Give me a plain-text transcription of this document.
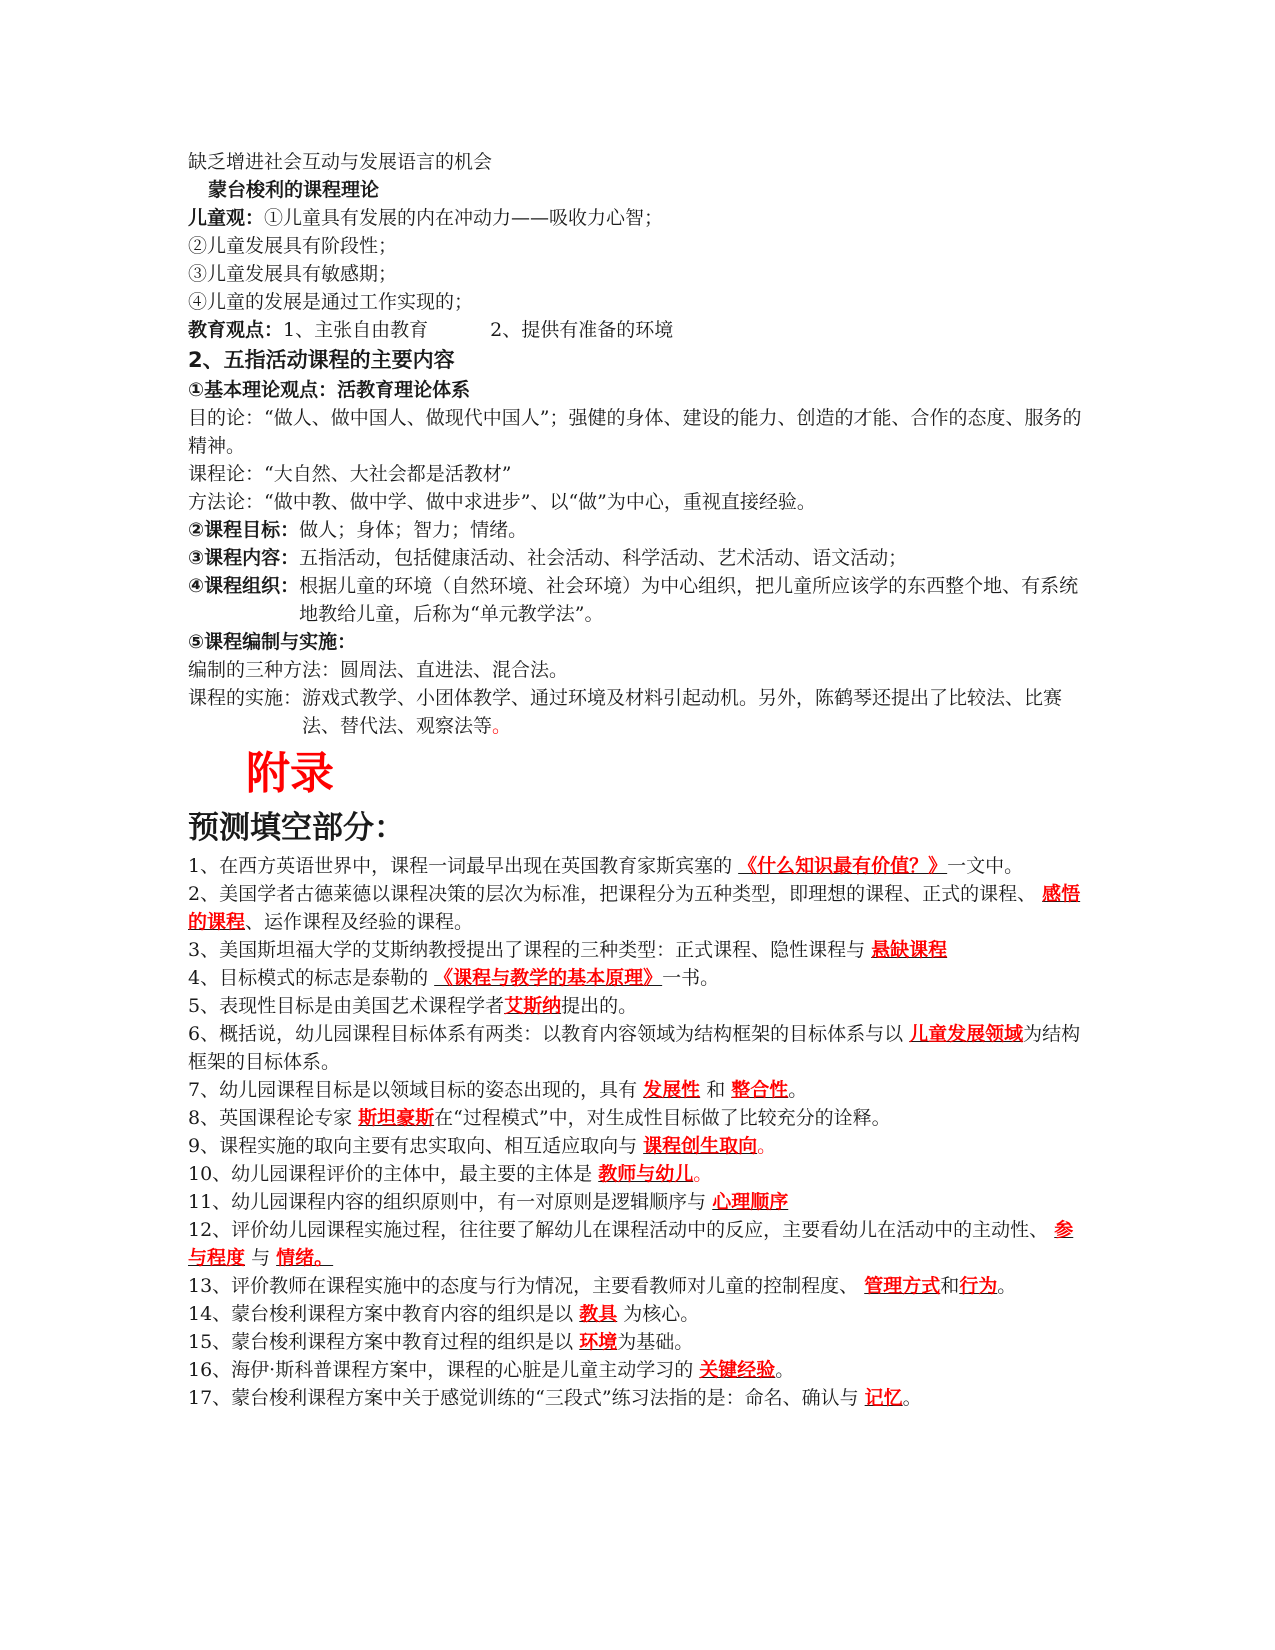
缺乏增进社会互动与发展语言的机会
蒙台梭利的课程理论
儿童观：①儿童具有发展的内在冲动力——吸收力心智；
②儿童发展具有阶段性；
③儿童发展具有敏感期；
④儿童的发展是通过工作实现的；
教育观点：1、主张自由教育	2、提供有准备的环境
2、五指活动课程的主要内容
①基本理论观点：活教育理论体系
目的论：“做人、做中国人、做现代中国人”；强健的身体、建设的能力、创造的才能、合作的态度、服务的精神。
课程论：“大自然、大社会都是活教材”
方法论：“做中教、做中学、做中求进步”、以“做”为中心，重视直接经验。
②课程目标：做人；身体；智力；情绪。
③课程内容：五指活动，包括健康活动、社会活动、科学活动、艺术活动、语文活动；
④课程组织： 根据儿童的环境（自然环境、社会环境）为中心组织，把儿童所应该学的东西整个地、有系统地教给儿童，后称为“单元教学法”。
⑤课程编制与实施：
编制的三种方法：圆周法、直进法、混合法。
课程的实施： 游戏式教学、小团体教学、通过环境及材料引起动机。另外，陈鹤琴还提出了比较法、比赛法、替代法、观察法等。
附录
预测填空部分：
1、在西方英语世界中，课程一词最早出现在英国教育家斯宾塞的 《什么知识最有价值？》一文中。
2、美国学者古德莱德以课程决策的层次为标准，把课程分为五种类型，即理想的课程、正式的课程、 感悟的课程、运作课程及经验的课程。
3、美国斯坦福大学的艾斯纳教授提出了课程的三种类型：正式课程、隐性课程与 悬缺课程
4、目标模式的标志是泰勒的 《课程与教学的基本原理》一书。
5、表现性目标是由美国艺术课程学者艾斯纳提出的。
6、概括说，幼儿园课程目标体系有两类：以教育内容领域为结构框架的目标体系与以 儿童发展领域为结构框架的目标体系。
7、幼儿园课程目标是以领域目标的姿态出现的，具有 发展性 和 整合性。
8、英国课程论专家 斯坦豪斯在“过程模式”中，对生成性目标做了比较充分的诠释。
9、课程实施的取向主要有忠实取向、相互适应取向与 课程创生取向。
10、幼儿园课程评价的主体中，最主要的主体是 教师与幼儿。
11、幼儿园课程内容的组织原则中，有一对原则是逻辑顺序与 心理顺序
12、评价幼儿园课程实施过程，往往要了解幼儿在课程活动中的反应，主要看幼儿在活动中的主动性、 参与程度 与 情绪。
13、评价教师在课程实施中的态度与行为情况，主要看教师对儿童的控制程度、 管理方式和行为。
14、蒙台梭利课程方案中教育内容的组织是以 教具 为核心。
15、蒙台梭利课程方案中教育过程的组织是以 环境为基础。
16、海伊·斯科普课程方案中，课程的心脏是儿童主动学习的 关键经验。
17、蒙台梭利课程方案中关于感觉训练的“三段式”练习法指的是：命名、确认与 记忆。
